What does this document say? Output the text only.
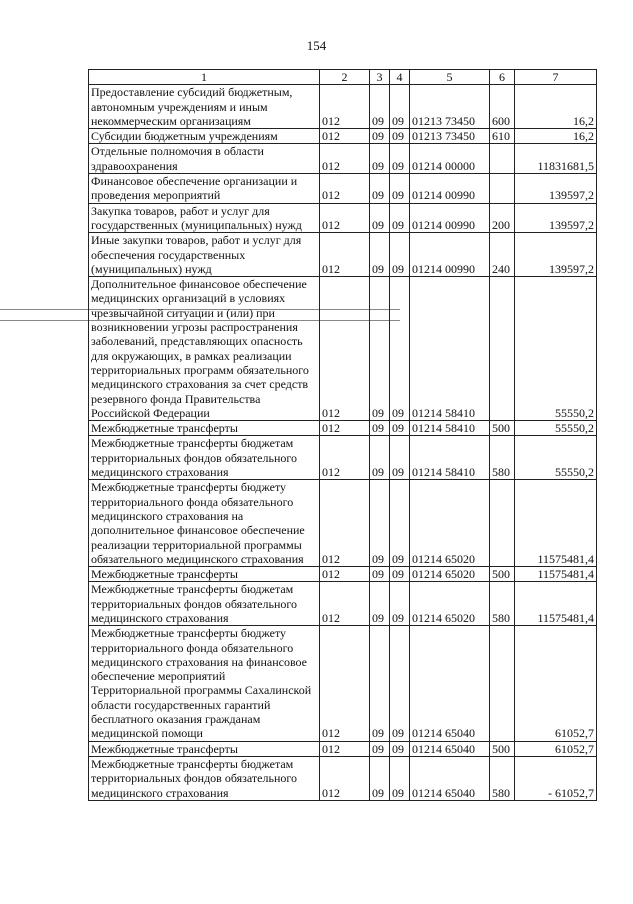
154
1	2	3	4	5	6	7
Предоставление субсидий бюджетным, автономным учреждениям и иным некоммерческим организациям	012	09	09	01213 73450	600	16,2
Субсидии бюджетным учреждениям	012	09	09	01213 73450	610	16,2
Отдельные полномочия в области здравоохранения	012	09	09	01214 00000		11831681,5
Финансовое обеспечение организации и проведения мероприятий	012	09	09	01214 00990		139597,2
Закупка товаров, работ и услуг для государственных (муниципальных) нужд	012	09	09	01214 00990	200	139597,2
Иные закупки товаров, работ и услуг для обеспечения государственных (муниципальных) нужд	012	09	09	01214 00990	240	139597,2
Дополнительное финансовое обеспечение медицинских организаций в условиях чрезвычайной ситуации и (или) при возникновении угрозы распространения заболеваний, представляющих опасность для окружающих, в рамках реализации территориальных программ обязательного медицинского страхования за счет средств резервного фонда Правительства Российской Федерации	012	09	09	01214 58410		55550,2
Межбюджетные трансферты	012	09	09	01214 58410	500	55550,2
Межбюджетные трансферты бюджетам территориальных фондов обязательного медицинского страхования	012	09	09	01214 58410	580	55550,2
Межбюджетные трансферты бюджету территориального фонда обязательного медицинского страхования на дополнительное финансовое обеспечение реализации территориальной программы обязательного медицинского страхования	012	09	09	01214 65020		11575481,4
Межбюджетные трансферты	012	09	09	01214 65020	500	11575481,4
Межбюджетные трансферты бюджетам территориальных фондов обязательного медицинского страхования	012	09	09	01214 65020	580	11575481,4
Межбюджетные трансферты бюджету территориального фонда обязательного медицинского страхования на финансовое обеспечение мероприятий Территориальной программы Сахалинской области государственных гарантий бесплатного оказания гражданам медицинской помощи	012	09	09	01214 65040		61052,7
Межбюджетные трансферты	012	09	09	01214 65040	500	61052,7
Межбюджетные трансферты бюджетам территориальных фондов обязательного медицинского страхования	012	09	09	01214 65040	580	- 61052,7
